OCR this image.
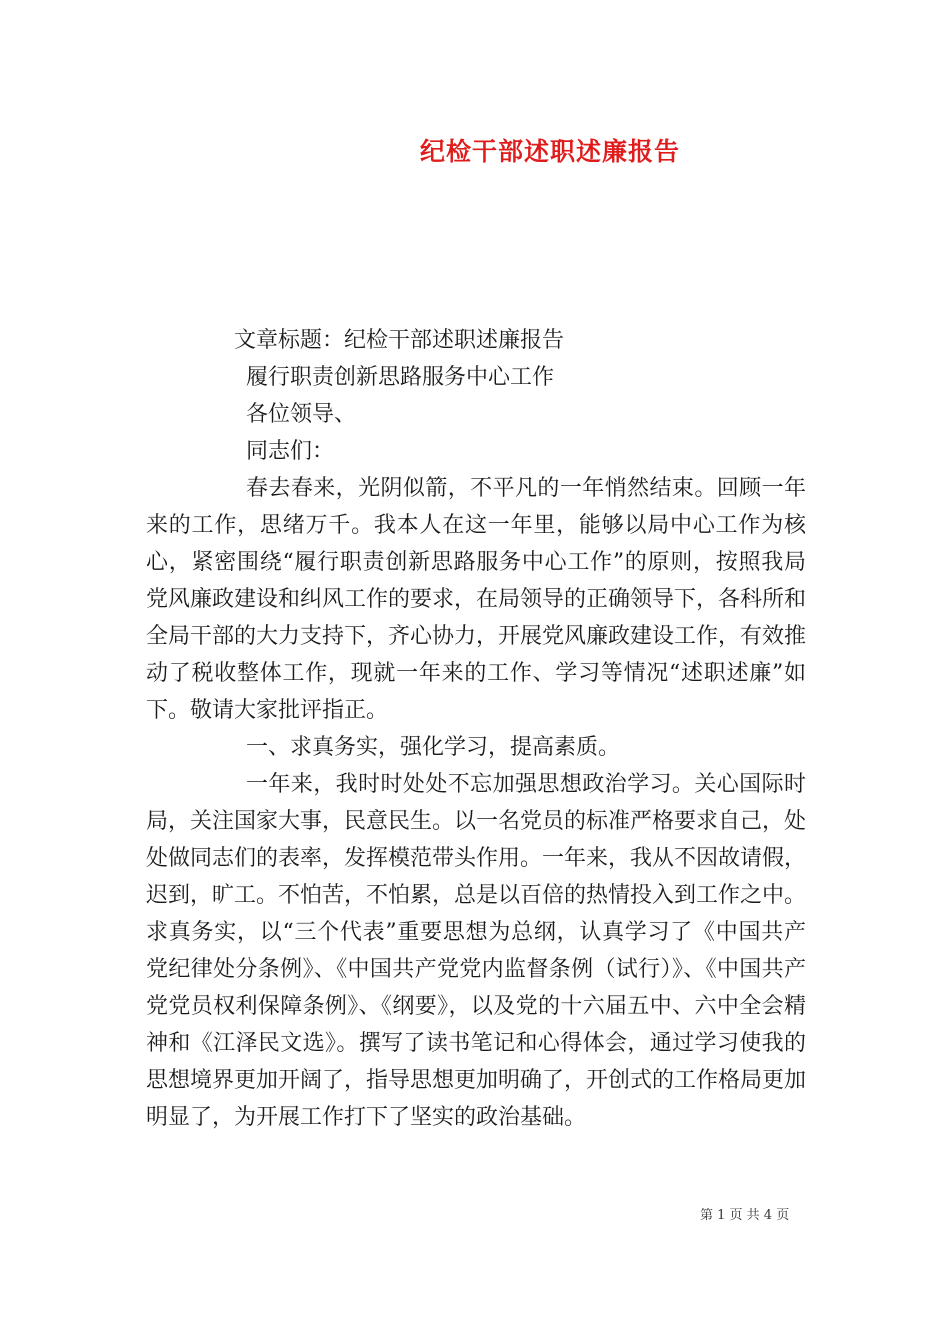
纪检干部述职述廉报告

文章标题：纪检干部述职述廉报告

履行职责创新思路服务中心工作

各位领导、

同志们：

春去春来，光阴似箭，不平凡的一年悄然结束。回顾一年来的工作，思绪万千。我本人在这一年里，能够以局中心工作为核心，紧密围绕“履行职责创新思路服务中心工作”的原则，按照我局党风廉政建设和纠风工作的要求，在局领导的正确领导下，各科所和全局干部的大力支持下，齐心协力，开展党风廉政建设工作，有效推动了税收整体工作，现就一年来的工作、学习等情况“述职述廉”如下。敬请大家批评指正。

一、求真务实，强化学习，提高素质。

一年来，我时时处处不忘加强思想政治学习。关心国际时局，关注国家大事，民意民生。以一名党员的标准严格要求自己，处处做同志们的表率，发挥模范带头作用。一年来，我从不因故请假，迟到，旷工。不怕苦，不怕累，总是以百倍的热情投入到工作之中。求真务实，以“三个代表”重要思想为总纲，认真学习了《中国共产党纪律处分条例》、《中国共产党党内监督条例（试行）》、《中国共产党党员权利保障条例》、《纲要》，以及党的十六届五中、六中全会精神和《江泽民文选》。撰写了读书笔记和心得体会，通过学习使我的思想境界更加开阔了，指导思想更加明确了，开创式的工作格局更加明显了，为开展工作打下了坚实的政治基础。

第 1 页 共 4 页
